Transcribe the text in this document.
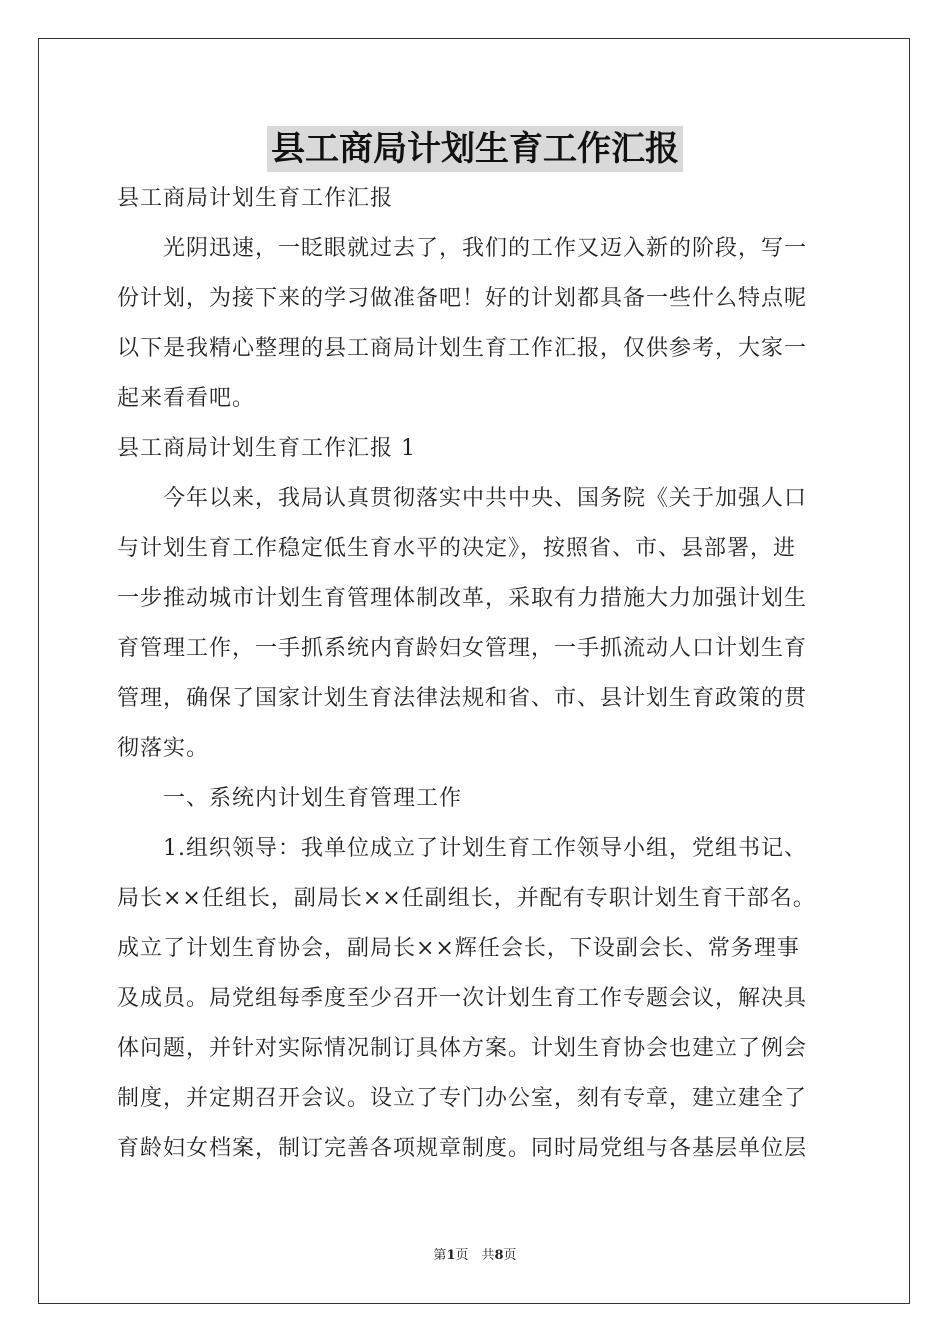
县工商局计划生育工作汇报
县工商局计划生育工作汇报
　　光阴迅速，一眨眼就过去了，我们的工作又迈入新的阶段，写一
份计划，为接下来的学习做准备吧！好的计划都具备一些什么特点呢
以下是我精心整理的县工商局计划生育工作汇报，仅供参考，大家一
起来看看吧。
县工商局计划生育工作汇报 1
　　今年以来，我局认真贯彻落实中共中央、国务院《关于加强人口
与计划生育工作稳定低生育水平的决定》，按照省、市、县部署，进
一步推动城市计划生育管理体制改革，采取有力措施大力加强计划生
育管理工作，一手抓系统内育龄妇女管理，一手抓流动人口计划生育
管理，确保了国家计划生育法律法规和省、市、县计划生育政策的贯
彻落实。
　　一、系统内计划生育管理工作
　　1.组织领导：我单位成立了计划生育工作领导小组，党组书记、
局长××任组长，副局长××任副组长，并配有专职计划生育干部名。
成立了计划生育协会，副局长××辉任会长，下设副会长、常务理事
及成员。局党组每季度至少召开一次计划生育工作专题会议，解决具
体问题，并针对实际情况制订具体方案。计划生育协会也建立了例会
制度，并定期召开会议。设立了专门办公室，刻有专章，建立建全了
育龄妇女档案，制订完善各项规章制度。同时局党组与各基层单位层
第1页　共8页
